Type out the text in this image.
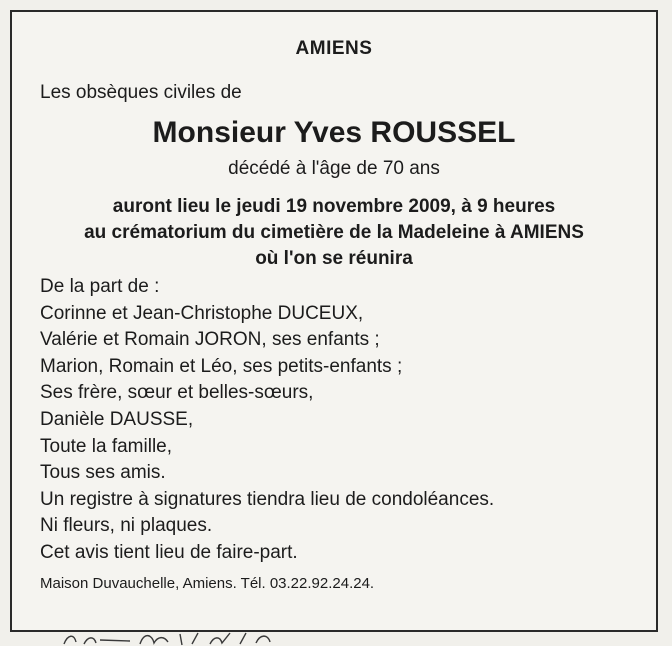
AMIENS
Les obsèques civiles de
Monsieur Yves ROUSSEL
décédé à l'âge de 70 ans
auront lieu le jeudi 19 novembre 2009, à 9 heures
au crématorium du cimetière de la Madeleine à AMIENS
où l'on se réunira
De la part de :
Corinne et Jean-Christophe DUCEUX,
Valérie et Romain JORON, ses enfants ;
Marion, Romain et Léo, ses petits-enfants ;
Ses frère, sœur et belles-sœurs,
Danièle DAUSSE,
Toute la famille,
Tous ses amis.
Un registre à signatures tiendra lieu de condoléances.
Ni fleurs, ni plaques.
Cet avis tient lieu de faire-part.
Maison Duvauchelle, Amiens. Tél. 03.22.92.24.24.
